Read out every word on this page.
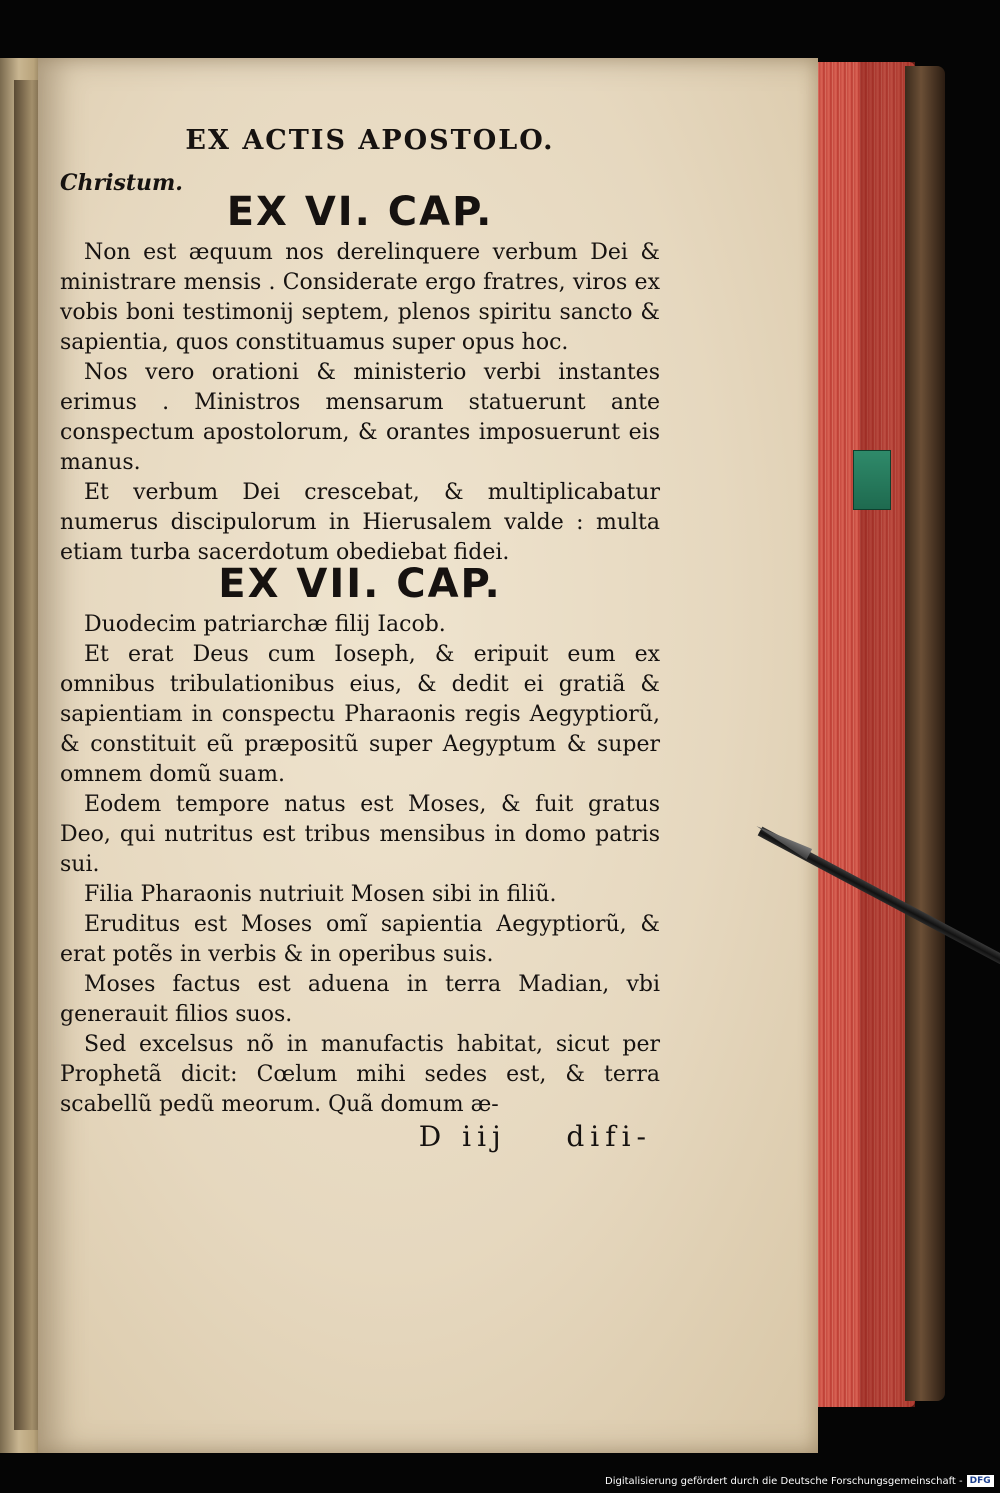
EX ACTIS APOSTOLO.

Christum.

EX VI. CAP.

Non est æquum nos derelinquere verbum Dei & ministrare mensis . Considerate ergo fratres, viros ex vobis boni testimonij septem, plenos spiritu sancto & sapientia, quos constituamus super opus hoc.

Nos vero orationi & ministerio verbi instantes erimus . Ministros mensarum statuerunt ante conspectum apostolorum, & orantes imposuerunt eis manus.

Et verbum Dei crescebat, & multiplicabatur numerus discipulorum in Hierusalem valde : multa etiam turba sacerdotum obediebat fidei.

EX VII. CAP.

Duodecim patriarchæ filij Iacob.

Et erat Deus cum Ioseph, & eripuit eum ex omnibus tribulationibus eius, & dedit ei gratiã & sapientiam in conspectu Pharaonis regis Aegyptiorũ, & constituit eũ præpositũ super Aegyptum & super omnem domũ suam.

Eodem tempore natus est Moses, & fuit gratus Deo, qui nutritus est tribus mensibus in domo patris sui.

Filia Pharaonis nutriuit Mosen sibi in filiũ.

Eruditus est Moses omĩ sapientia Aegyptiorũ, & erat potẽs in verbis & in operibus suis.

Moses factus est aduena in terra Madian, vbi generauit filios suos.

Sed excelsus nõ in manufactis habitat, sicut per Prophetã dicit: Cœlum mihi sedes est, & terra scabellũ pedũ meorum. Quã domum æ-

D iij difi-

Digitalisierung gefördert durch die Deutsche Forschungsgemeinschaft - DFG
